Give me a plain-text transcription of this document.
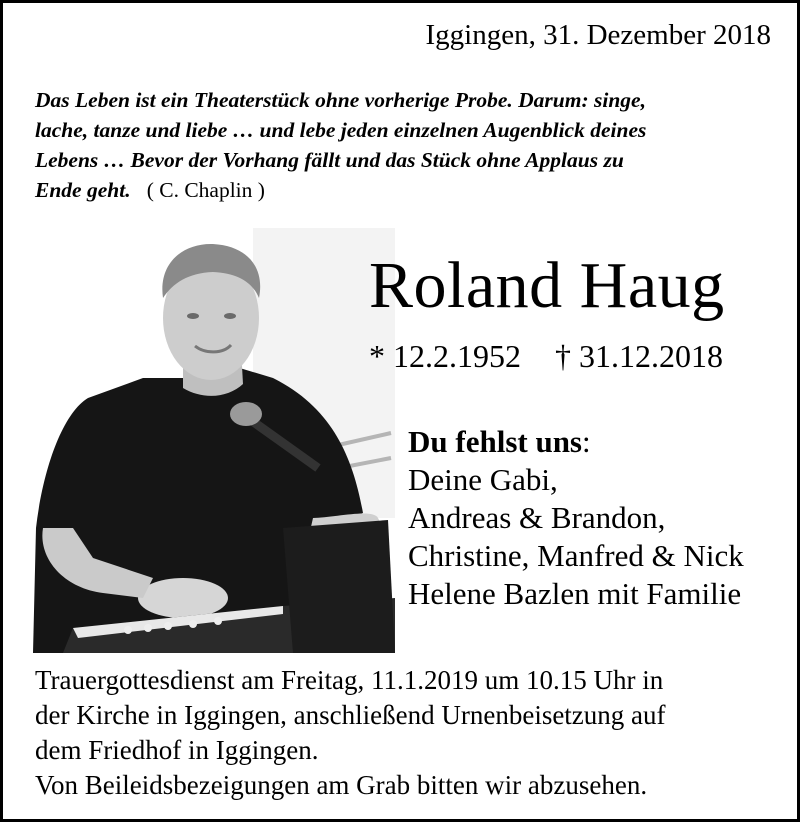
Iggingen, 31. Dezember 2018
Das Leben ist ein Theaterstück ohne vorherige Probe. Darum: singe,
lache, tanze und liebe … und lebe jeden einzelnen Augenblick deines
Lebens … Bevor der Vorhang fällt und das Stück ohne Applaus zu
Ende geht. ( C. Chaplin )
Roland Haug
* 12.2.1952 † 31.12.2018
Du fehlst uns:
Deine Gabi,
Andreas & Brandon,
Christine, Manfred & Nick
Helene Bazlen mit Familie
Trauergottesdienst am Freitag, 11.1.2019 um 10.15 Uhr in
der Kirche in Iggingen, anschließend Urnenbeisetzung auf
dem Friedhof in Iggingen.
Von Beileidsbezeigungen am Grab bitten wir abzusehen.
